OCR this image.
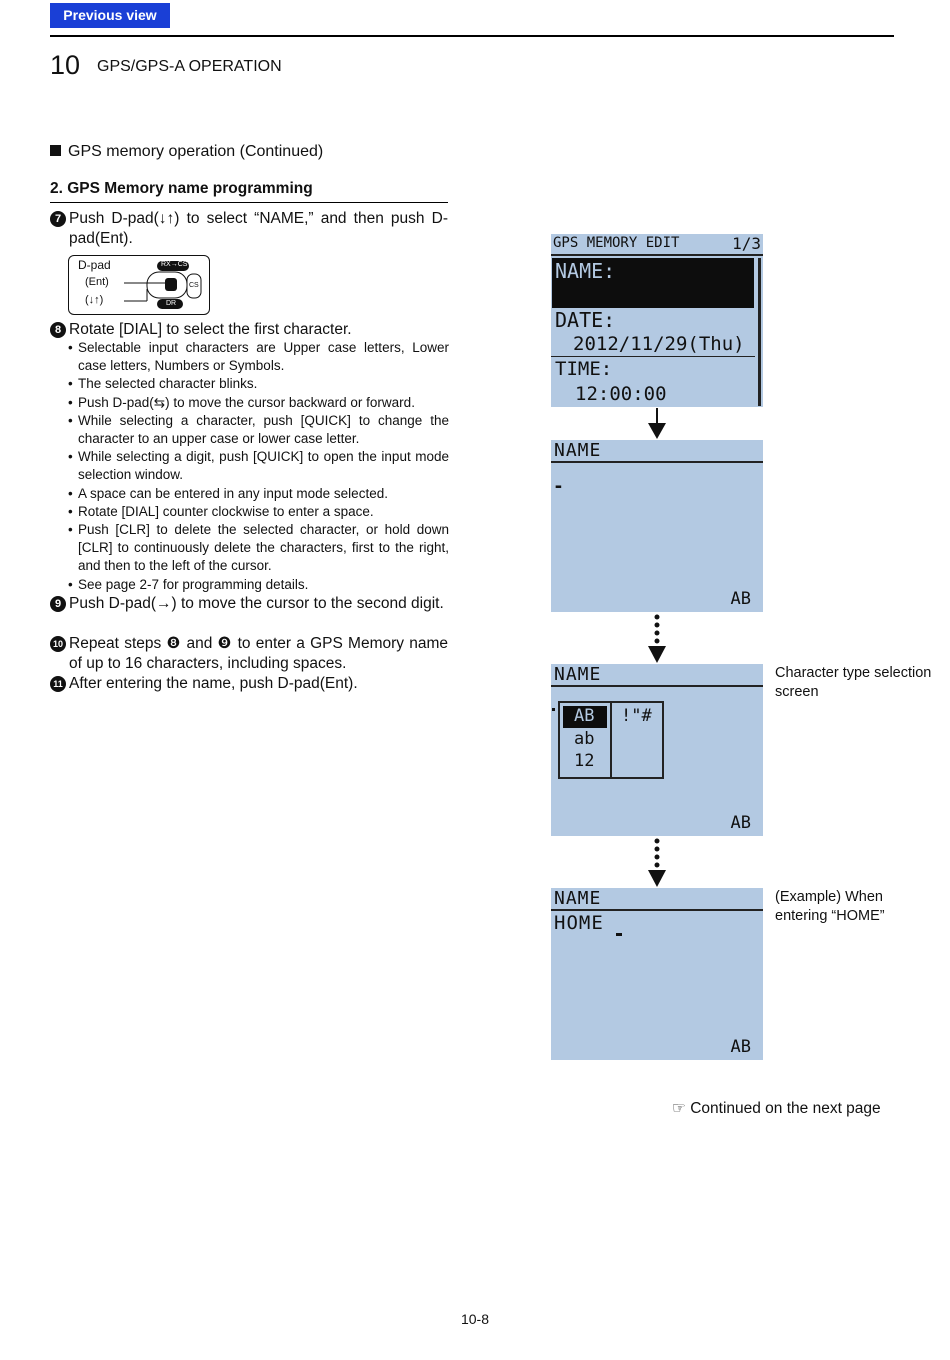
Previous view
10 GPS/GPS-A OPERATION
GPS memory operation (Continued)
2. GPS Memory name programming
7 Push D-pad(↓↑) to select “NAME,” and then push D-pad(Ent).
D-pad
(Ent)
(↓↑)
RX→CS
DR
CS
8 Rotate [DIAL] to select the first character.
• Selectable input characters are Upper case letters, Lower case letters, Numbers or Symbols.
• The selected character blinks.
• Push D-pad(⇆) to move the cursor backward or forward.
• While selecting a character, push [QUICK] to change the character to an upper case or lower case letter.
• While selecting a digit, push [QUICK] to open the input mode selection window.
• A space can be entered in any input mode selected.
• Rotate [DIAL] counter clockwise to enter a space.
• Push [CLR] to delete the selected character, or hold down [CLR] to continuously delete the characters, first to the right, and then to the left of the cursor.
• See page 2-7 for programming details.
9 Push D-pad(→) to move the cursor to the second digit.
10 Repeat steps ❽ and ❾ to enter a GPS Memory name of up to 16 characters, including spaces.
11 After entering the name, push D-pad(Ent).
GPS MEMORY EDIT	1/3
NAME:
DATE:
2012/11/29(Thu)
TIME:
12:00:00
NAME
-
AB
NAME
AB
ab
12
!"#
AB
Character type selection screen
NAME
HOME
AB
(Example) When entering “HOME”
☞ Continued on the next page
10-8
